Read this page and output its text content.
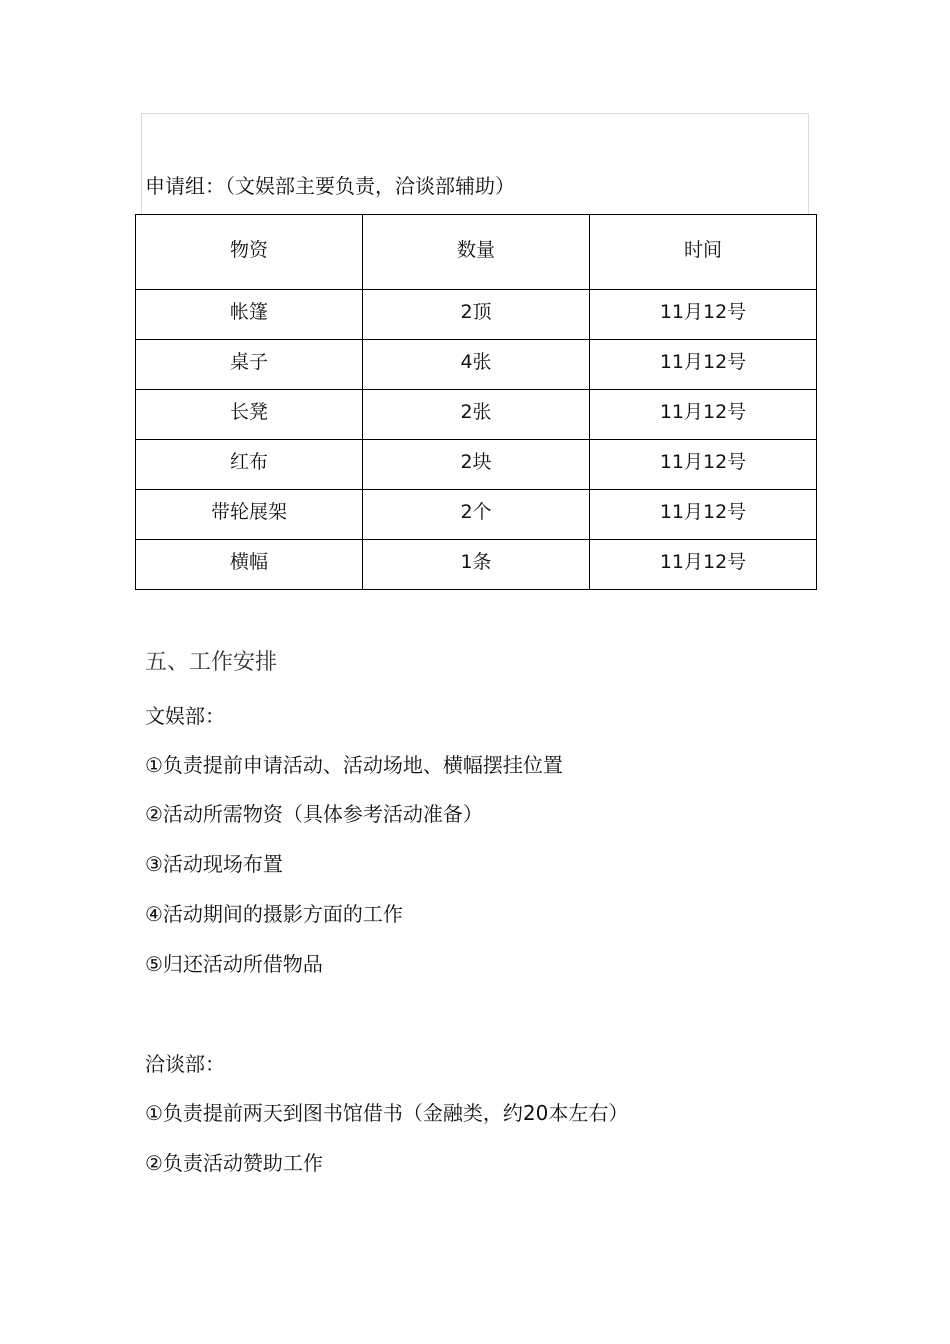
申请组：（文娱部主要负责，洽谈部辅助）
物资	数量	时间
帐篷	2顶	11月12号
桌子	4张	11月12号
长凳	2张	11月12号
红布	2块	11月12号
带轮展架	2个	11月12号
横幅	1条	11月12号
五、工作安排
文娱部：
①负责提前申请活动、活动场地、横幅摆挂位置
②活动所需物资（具体参考活动准备）
③活动现场布置
④活动期间的摄影方面的工作
⑤归还活动所借物品
洽谈部：
①负责提前两天到图书馆借书（金融类，约20本左右）
②负责活动赞助工作
